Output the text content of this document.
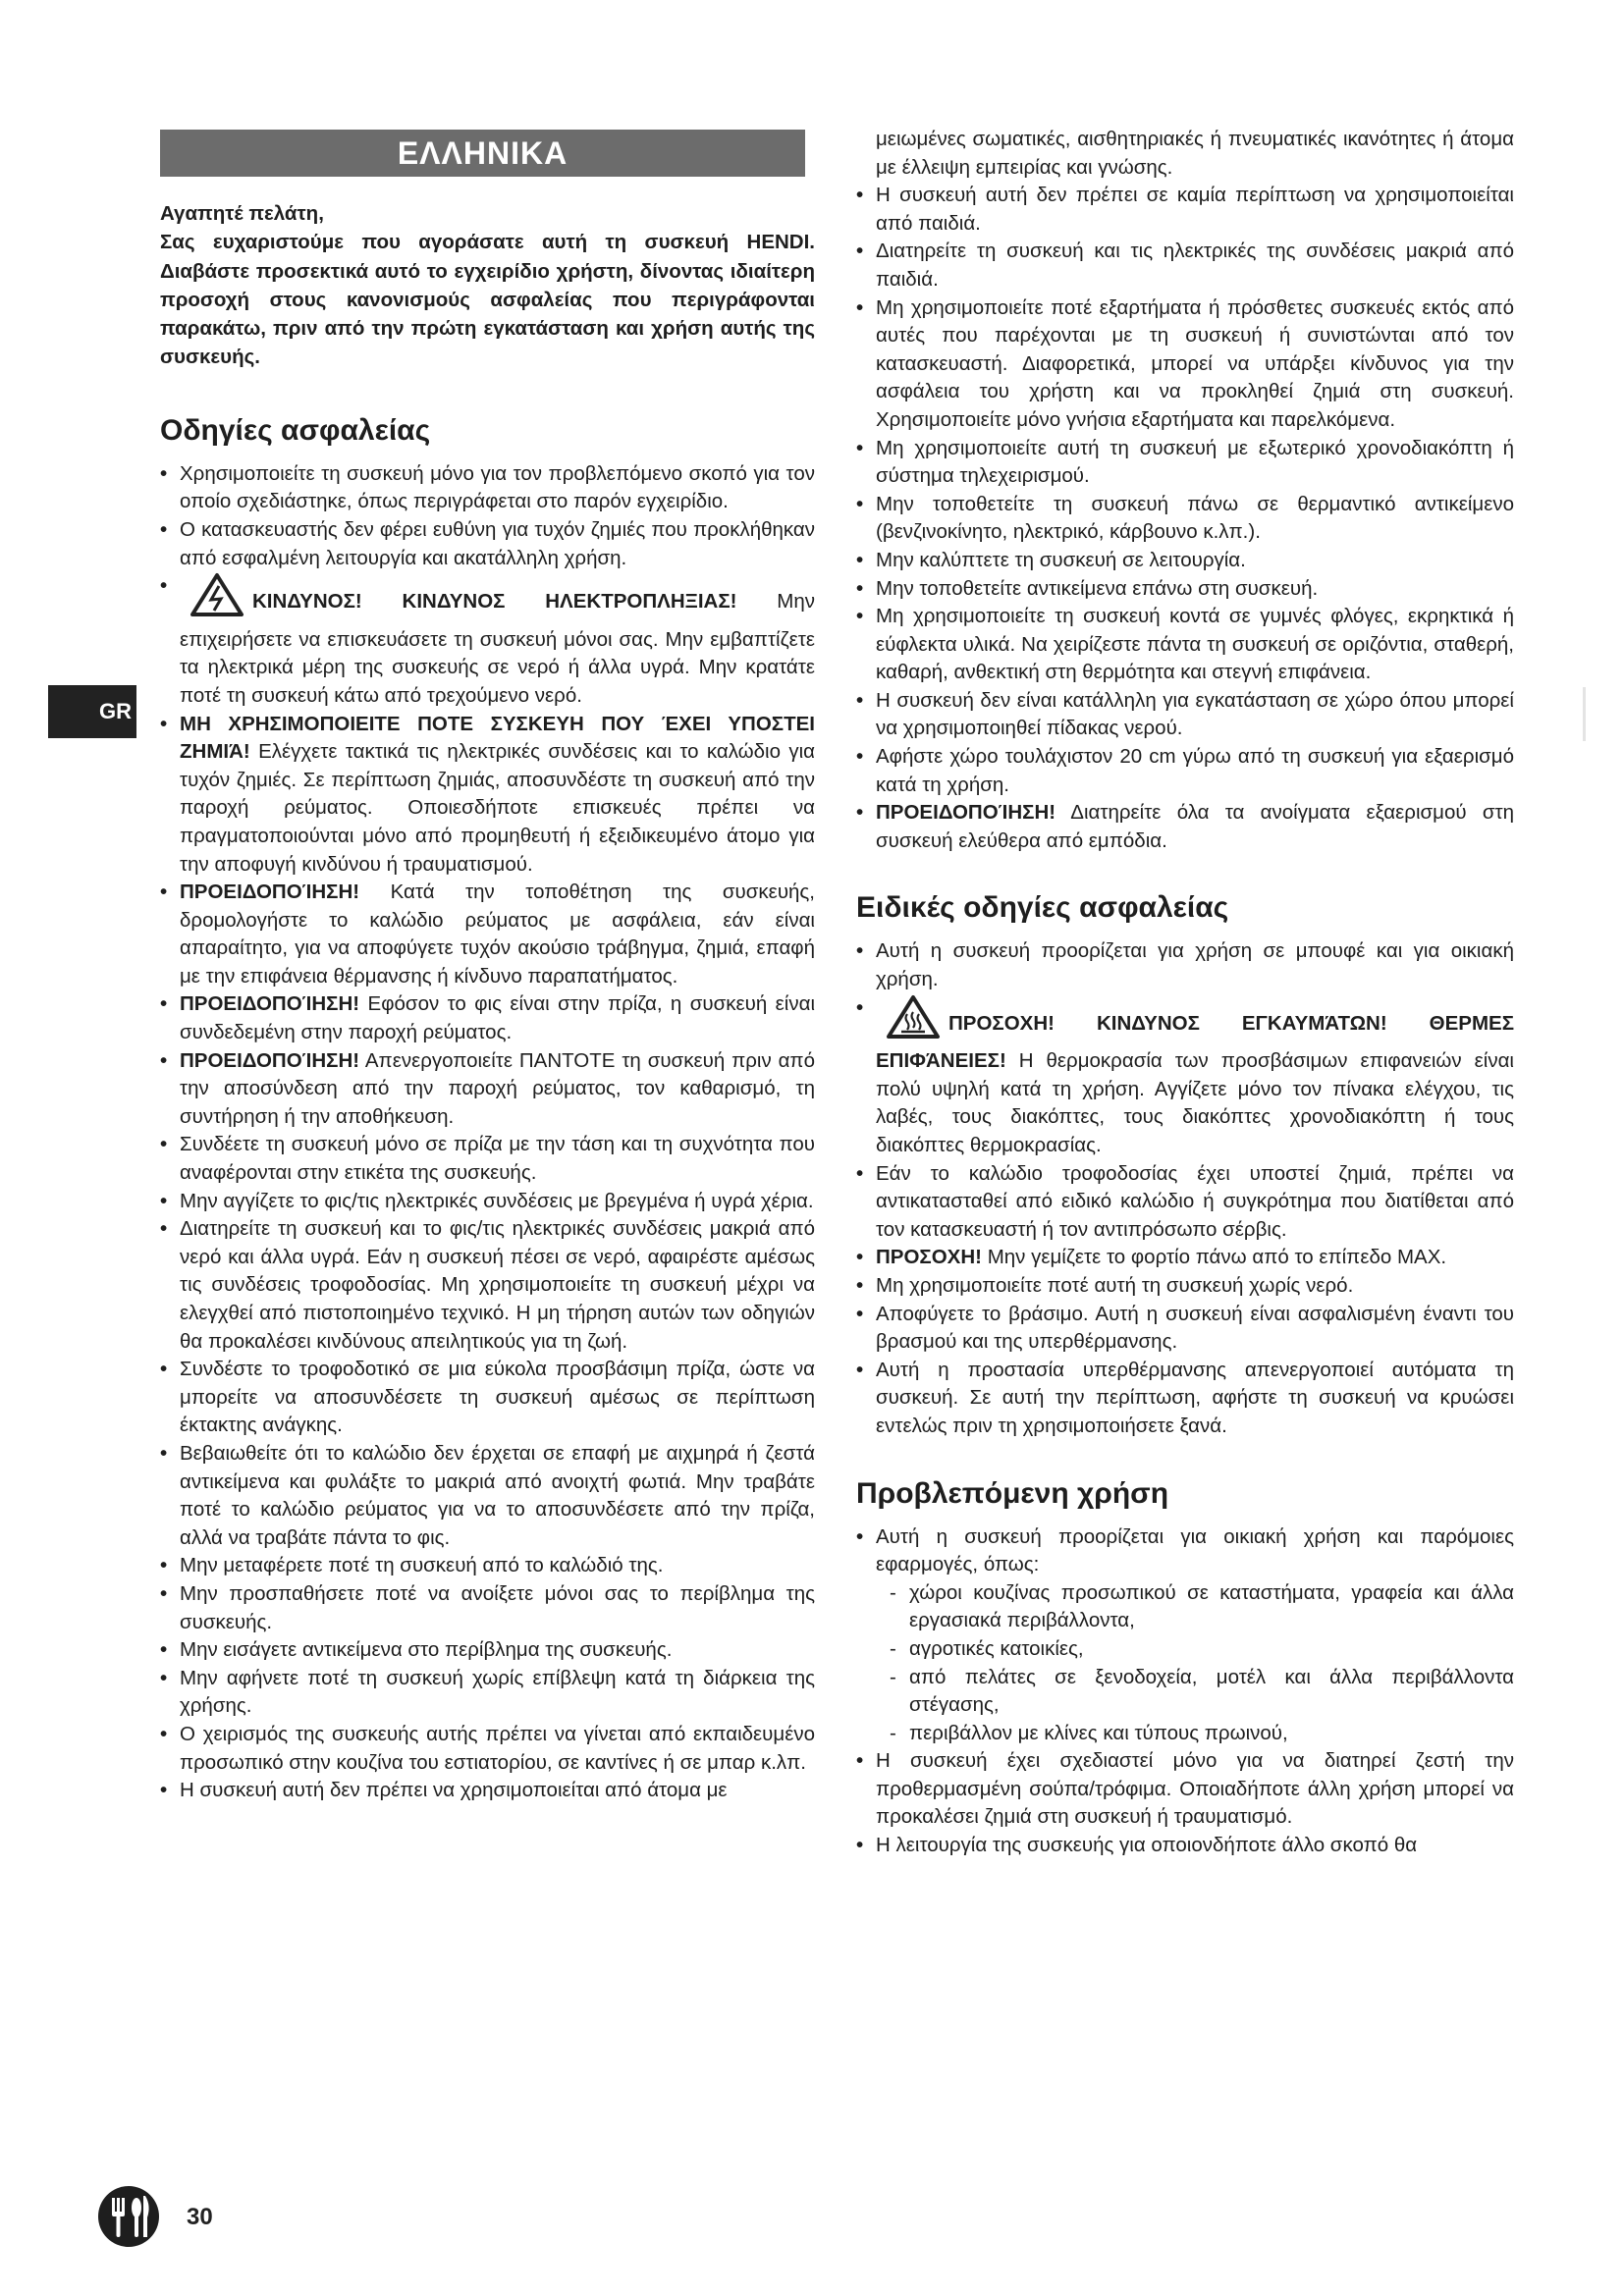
ΕΛΛΗΝΙΚΑ
GR

Αγαπητέ πελάτη,

Σας ευχαριστούμε που αγοράσατε αυτή τη συσκευή HENDI. Διαβάστε προσεκτικά αυτό το εγχειρίδιο χρήστη, δίνοντας ιδιαίτερη προσοχή στους κανονισμούς ασφαλείας που περιγράφονται παρακάτω, πριν από την πρώτη εγκατάσταση και χρήση αυτής της συσκευής.

Οδηγίες ασφαλείας

• Χρησιμοποιείτε τη συσκευή μόνο για τον προβλεπόμενο σκοπό για τον οποίο σχεδιάστηκε, όπως περιγράφεται στο παρόν εγχειρίδιο.

• Ο κατασκευαστής δεν φέρει ευθύνη για τυχόν ζημιές που προκλήθηκαν από εσφαλμένη λειτουργία και ακατάλληλη χρήση.

• ΚΙΝΔΥΝΟΣ! ΚΙΝΔΥΝΟΣ ΗΛΕΚΤΡΟΠΛΗΞΙΑΣ! Μην επιχειρήσετε να επισκευάσετε τη συσκευή μόνοι σας. Μην εμβαπτίζετε τα ηλεκτρικά μέρη της συσκευής σε νερό ή άλλα υγρά. Μην κρατάτε ποτέ τη συσκευή κάτω από τρεχούμενο νερό.

• ΜΗ ΧΡΗΣΙΜΟΠΟΙΕΙΤΕ ΠΟΤΕ ΣΥΣΚΕΥΗ ΠΟΥ ΈΧΕΙ ΥΠΟΣΤΕΙ ΖΗΜΙΆ! Ελέγχετε τακτικά τις ηλεκτρικές συνδέσεις και το καλώδιο για τυχόν ζημιές. Σε περίπτωση ζημιάς, αποσυνδέστε τη συσκευή από την παροχή ρεύματος. Οποιεσδήποτε επισκευές πρέπει να πραγματοποιούνται μόνο από προμηθευτή ή εξειδικευμένο άτομο για την αποφυγή κινδύνου ή τραυματισμού.

• ΠΡΟΕΙΔΟΠΟΊΗΣΗ! Κατά την τοποθέτηση της συσκευής, δρομολογήστε το καλώδιο ρεύματος με ασφάλεια, εάν είναι απαραίτητο, για να αποφύγετε τυχόν ακούσιο τράβηγμα, ζημιά, επαφή με την επιφάνεια θέρμανσης ή κίνδυνο παραπατήματος.

• ΠΡΟΕΙΔΟΠΟΊΗΣΗ! Εφόσον το φις είναι στην πρίζα, η συσκευή είναι συνδεδεμένη στην παροχή ρεύματος.

• ΠΡΟΕΙΔΟΠΟΊΗΣΗ! Απενεργοποιείτε ΠΑΝΤΟΤΕ τη συσκευή πριν από την αποσύνδεση από την παροχή ρεύματος, τον καθαρισμό, τη συντήρηση ή την αποθήκευση.

• Συνδέετε τη συσκευή μόνο σε πρίζα με την τάση και τη συχνότητα που αναφέρονται στην ετικέτα της συσκευής.

• Μην αγγίζετε το φις/τις ηλεκτρικές συνδέσεις με βρεγμένα ή υγρά χέρια.

• Διατηρείτε τη συσκευή και το φις/τις ηλεκτρικές συνδέσεις μακριά από νερό και άλλα υγρά. Εάν η συσκευή πέσει σε νερό, αφαιρέστε αμέσως τις συνδέσεις τροφοδοσίας. Μη χρησιμοποιείτε τη συσκευή μέχρι να ελεγχθεί από πιστοποιημένο τεχνικό. Η μη τήρηση αυτών των οδηγιών θα προκαλέσει κινδύνους απειλητικούς για τη ζωή.

• Συνδέστε το τροφοδοτικό σε μια εύκολα προσβάσιμη πρίζα, ώστε να μπορείτε να αποσυνδέσετε τη συσκευή αμέσως σε περίπτωση έκτακτης ανάγκης.

• Βεβαιωθείτε ότι το καλώδιο δεν έρχεται σε επαφή με αιχμηρά ή ζεστά αντικείμενα και φυλάξτε το μακριά από ανοιχτή φωτιά. Μην τραβάτε ποτέ το καλώδιο ρεύματος για να το αποσυνδέσετε από την πρίζα, αλλά να τραβάτε πάντα το φις.

• Μην μεταφέρετε ποτέ τη συσκευή από το καλώδιό της.

• Μην προσπαθήσετε ποτέ να ανοίξετε μόνοι σας το περίβλημα της συσκευής.

• Μην εισάγετε αντικείμενα στο περίβλημα της συσκευής.

• Μην αφήνετε ποτέ τη συσκευή χωρίς επίβλεψη κατά τη διάρκεια της χρήσης.

• Ο χειρισμός της συσκευής αυτής πρέπει να γίνεται από εκπαιδευμένο προσωπικό στην κουζίνα του εστιατορίου, σε καντίνες ή σε μπαρ κ.λπ.

• Η συσκευή αυτή δεν πρέπει να χρησιμοποιείται από άτομα με

μειωμένες σωματικές, αισθητηριακές ή πνευματικές ικανότητες ή άτομα με έλλειψη εμπειρίας και γνώσης.

• Η συσκευή αυτή δεν πρέπει σε καμία περίπτωση να χρησιμοποιείται από παιδιά.

• Διατηρείτε τη συσκευή και τις ηλεκτρικές της συνδέσεις μακριά από παιδιά.

• Μη χρησιμοποιείτε ποτέ εξαρτήματα ή πρόσθετες συσκευές εκτός από αυτές που παρέχονται με τη συσκευή ή συνιστώνται από τον κατασκευαστή. Διαφορετικά, μπορεί να υπάρξει κίνδυνος για την ασφάλεια του χρήστη και να προκληθεί ζημιά στη συσκευή. Χρησιμοποιείτε μόνο γνήσια εξαρτήματα και παρελκόμενα.

• Μη χρησιμοποιείτε αυτή τη συσκευή με εξωτερικό χρονοδιακόπτη ή σύστημα τηλεχειρισμού.

• Μην τοποθετείτε τη συσκευή πάνω σε θερμαντικό αντικείμενο (βενζινοκίνητο, ηλεκτρικό, κάρβουνο κ.λπ.).

• Μην καλύπτετε τη συσκευή σε λειτουργία.

• Μην τοποθετείτε αντικείμενα επάνω στη συσκευή.

• Μη χρησιμοποιείτε τη συσκευή κοντά σε γυμνές φλόγες, εκρηκτικά ή εύφλεκτα υλικά. Να χειρίζεστε πάντα τη συσκευή σε οριζόντια, σταθερή, καθαρή, ανθεκτική στη θερμότητα και στεγνή επιφάνεια.

• Η συσκευή δεν είναι κατάλληλη για εγκατάσταση σε χώρο όπου μπορεί να χρησιμοποιηθεί πίδακας νερού.

• Αφήστε χώρο τουλάχιστον 20 cm γύρω από τη συσκευή για εξαερισμό κατά τη χρήση.

• ΠΡΟΕΙΔΟΠΟΊΗΣΗ! Διατηρείτε όλα τα ανοίγματα εξαερισμού στη συσκευή ελεύθερα από εμπόδια.

Ειδικές οδηγίες ασφαλείας

• Αυτή η συσκευή προορίζεται για χρήση σε μπουφέ και για οικιακή χρήση.

• ΠΡΟΣΟΧΗ! ΚΙΝΔΥΝΟΣ ΕΓΚΑΥΜΆΤΩΝ! ΘΕΡΜΕΣ ΕΠΙΦΆΝΕΙΕΣ! Η θερμοκρασία των προσβάσιμων επιφανειών είναι πολύ υψηλή κατά τη χρήση. Αγγίζετε μόνο τον πίνακα ελέγχου, τις λαβές, τους διακόπτες, τους διακόπτες χρονοδιακόπτη ή τους διακόπτες θερμοκρασίας.

• Εάν το καλώδιο τροφοδοσίας έχει υποστεί ζημιά, πρέπει να αντικατασταθεί από ειδικό καλώδιο ή συγκρότημα που διατίθεται από τον κατασκευαστή ή τον αντιπρόσωπο σέρβις.

• ΠΡΟΣΟΧΗ! Μην γεμίζετε το φορτίο πάνω από το επίπεδο MAX.

• Μη χρησιμοποιείτε ποτέ αυτή τη συσκευή χωρίς νερό.

• Αποφύγετε το βράσιμο. Αυτή η συσκευή είναι ασφαλισμένη έναντι του βρασμού και της υπερθέρμανσης.

• Αυτή η προστασία υπερθέρμανσης απενεργοποιεί αυτόματα τη συσκευή. Σε αυτή την περίπτωση, αφήστε τη συσκευή να κρυώσει εντελώς πριν τη χρησιμοποιήσετε ξανά.

Προβλεπόμενη χρήση

• Αυτή η συσκευή προορίζεται για οικιακή χρήση και παρόμοιες εφαρμογές, όπως:

- χώροι κουζίνας προσωπικού σε καταστήματα, γραφεία και άλλα εργασιακά περιβάλλοντα,

- αγροτικές κατοικίες,

- από πελάτες σε ξενοδοχεία, μοτέλ και άλλα περιβάλλοντα στέγασης,

- περιβάλλον με κλίνες και τύπους πρωινού,

• Η συσκευή έχει σχεδιαστεί μόνο για να διατηρεί ζεστή την προθερμασμένη σούπα/τρόφιμα. Οποιαδήποτε άλλη χρήση μπορεί να προκαλέσει ζημιά στη συσκευή ή τραυματισμό.

• Η λειτουργία της συσκευής για οποιονδήποτε άλλο σκοπό θα

30
